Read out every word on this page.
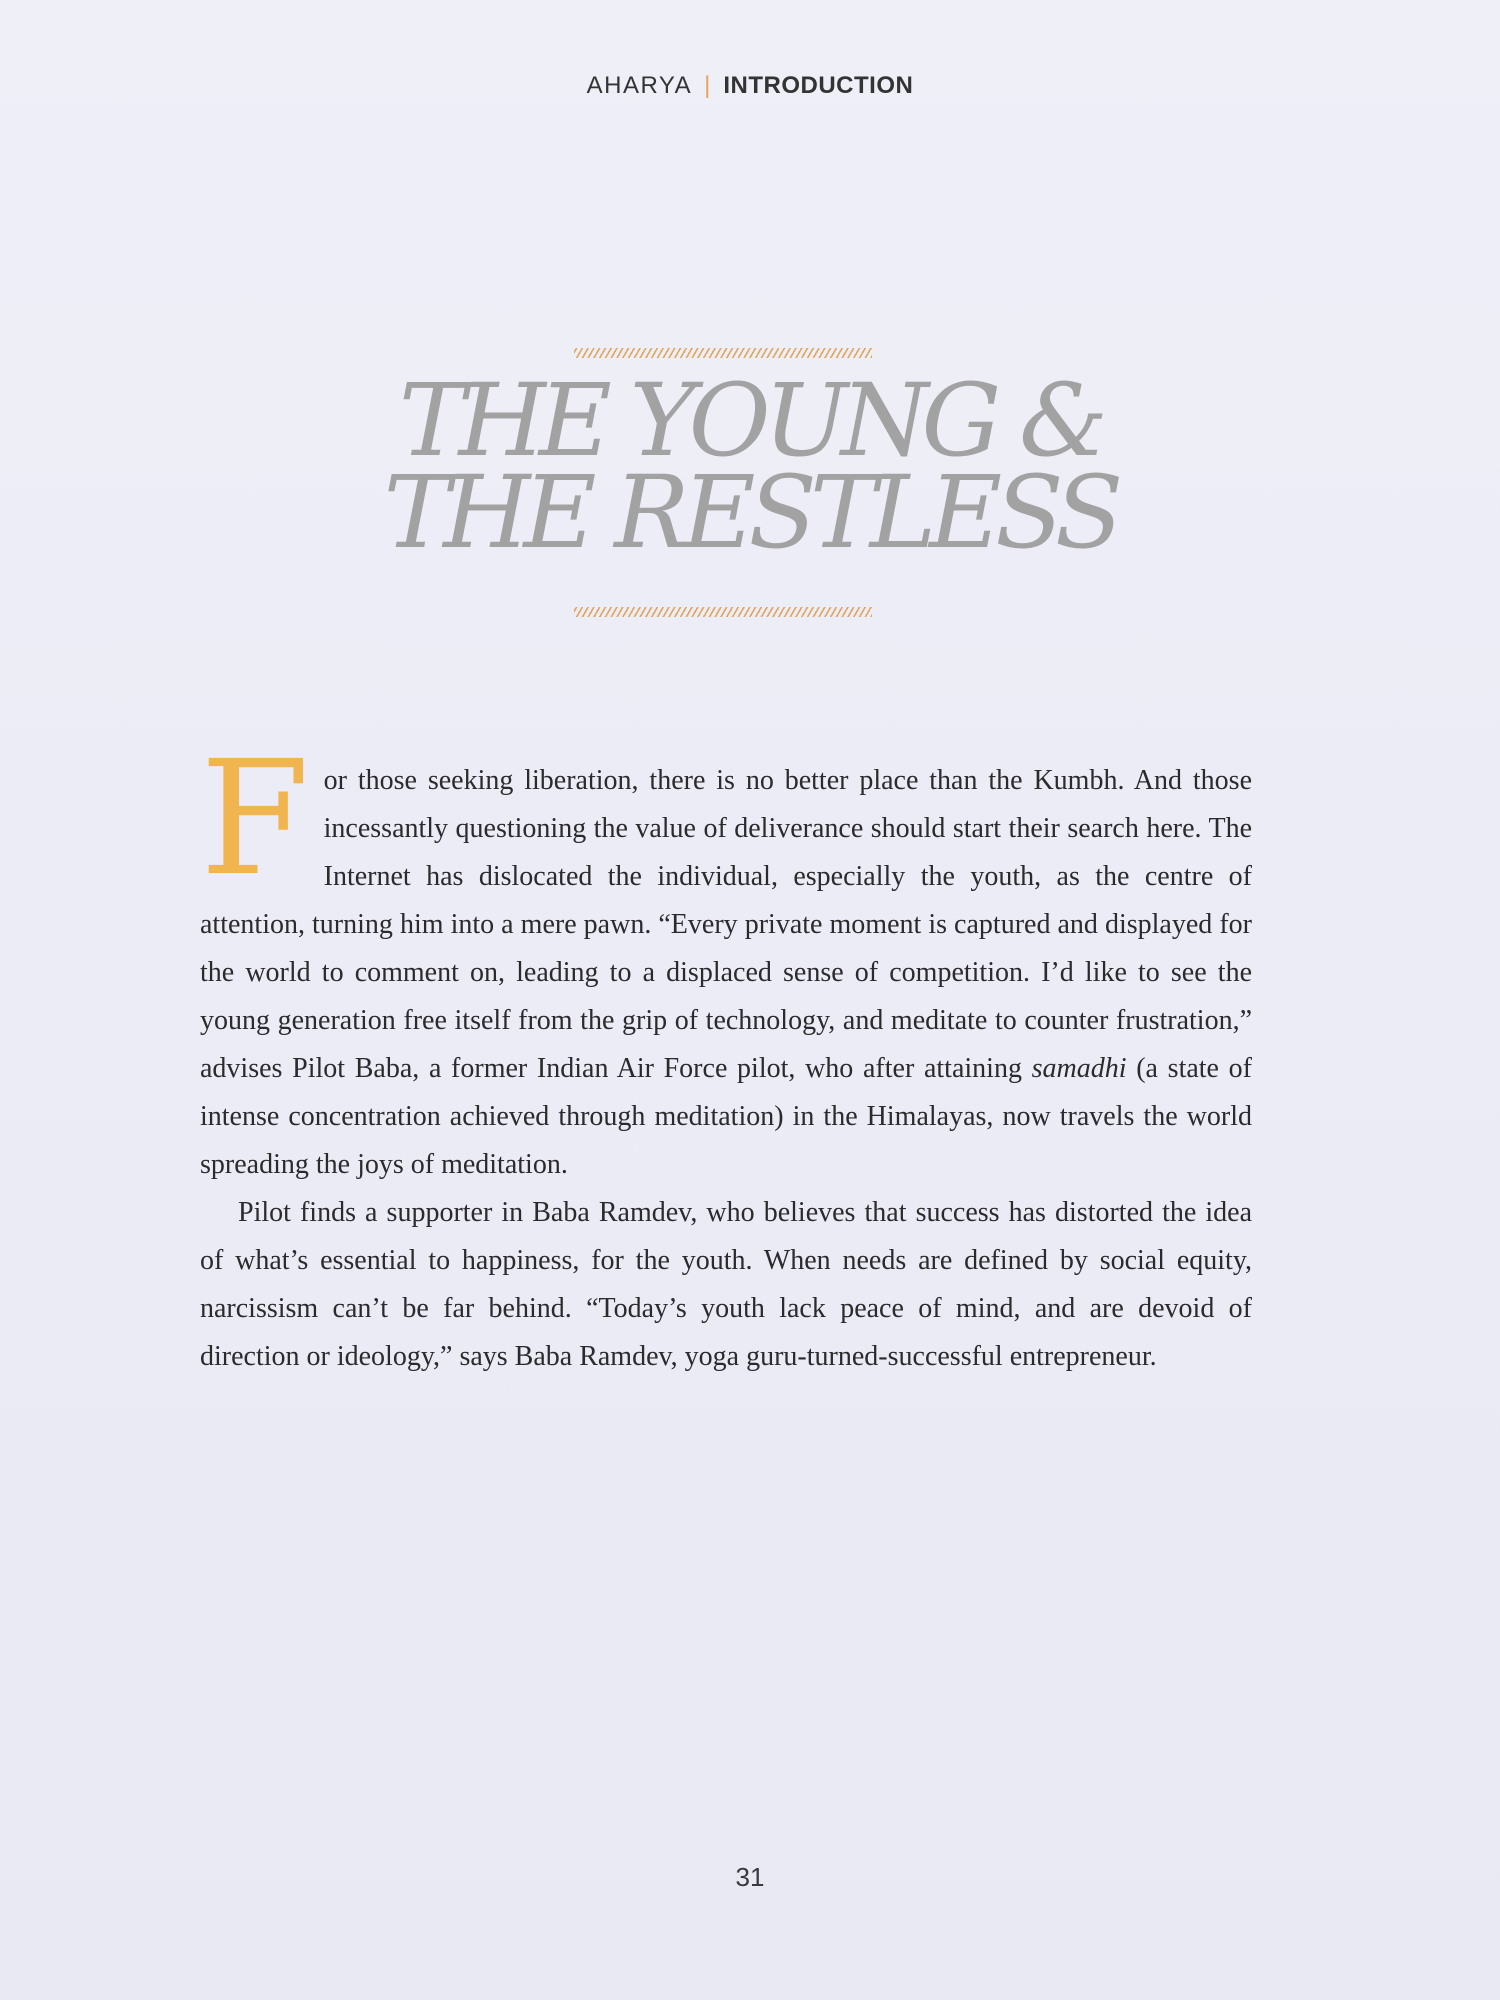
AHARYA | INTRODUCTION
THE YOUNG &
THE RESTLESS

For those seeking liberation, there is no better place than the Kumbh. And those incessantly questioning the value of deliverance should start their search here. The Internet has dislocated the individual, especially the youth, as the centre of attention, turning him into a mere pawn. “Every private moment is captured and displayed for the world to comment on, leading to a displaced sense of competition. I’d like to see the young generation free itself from the grip of technology, and meditate to counter frustration,” advises Pilot Baba, a former Indian Air Force pilot, who after attaining samadhi (a state of intense concentration achieved through meditation) in the Himalayas, now travels the world spreading the joys of meditation.

Pilot finds a supporter in Baba Ramdev, who believes that success has distorted the idea of what’s essential to happiness, for the youth. When needs are defined by social equity, narcissism can’t be far behind. “Today’s youth lack peace of mind, and are devoid of direction or ideology,” says Baba Ramdev, yoga guru-turned-successful entrepreneur.

31
